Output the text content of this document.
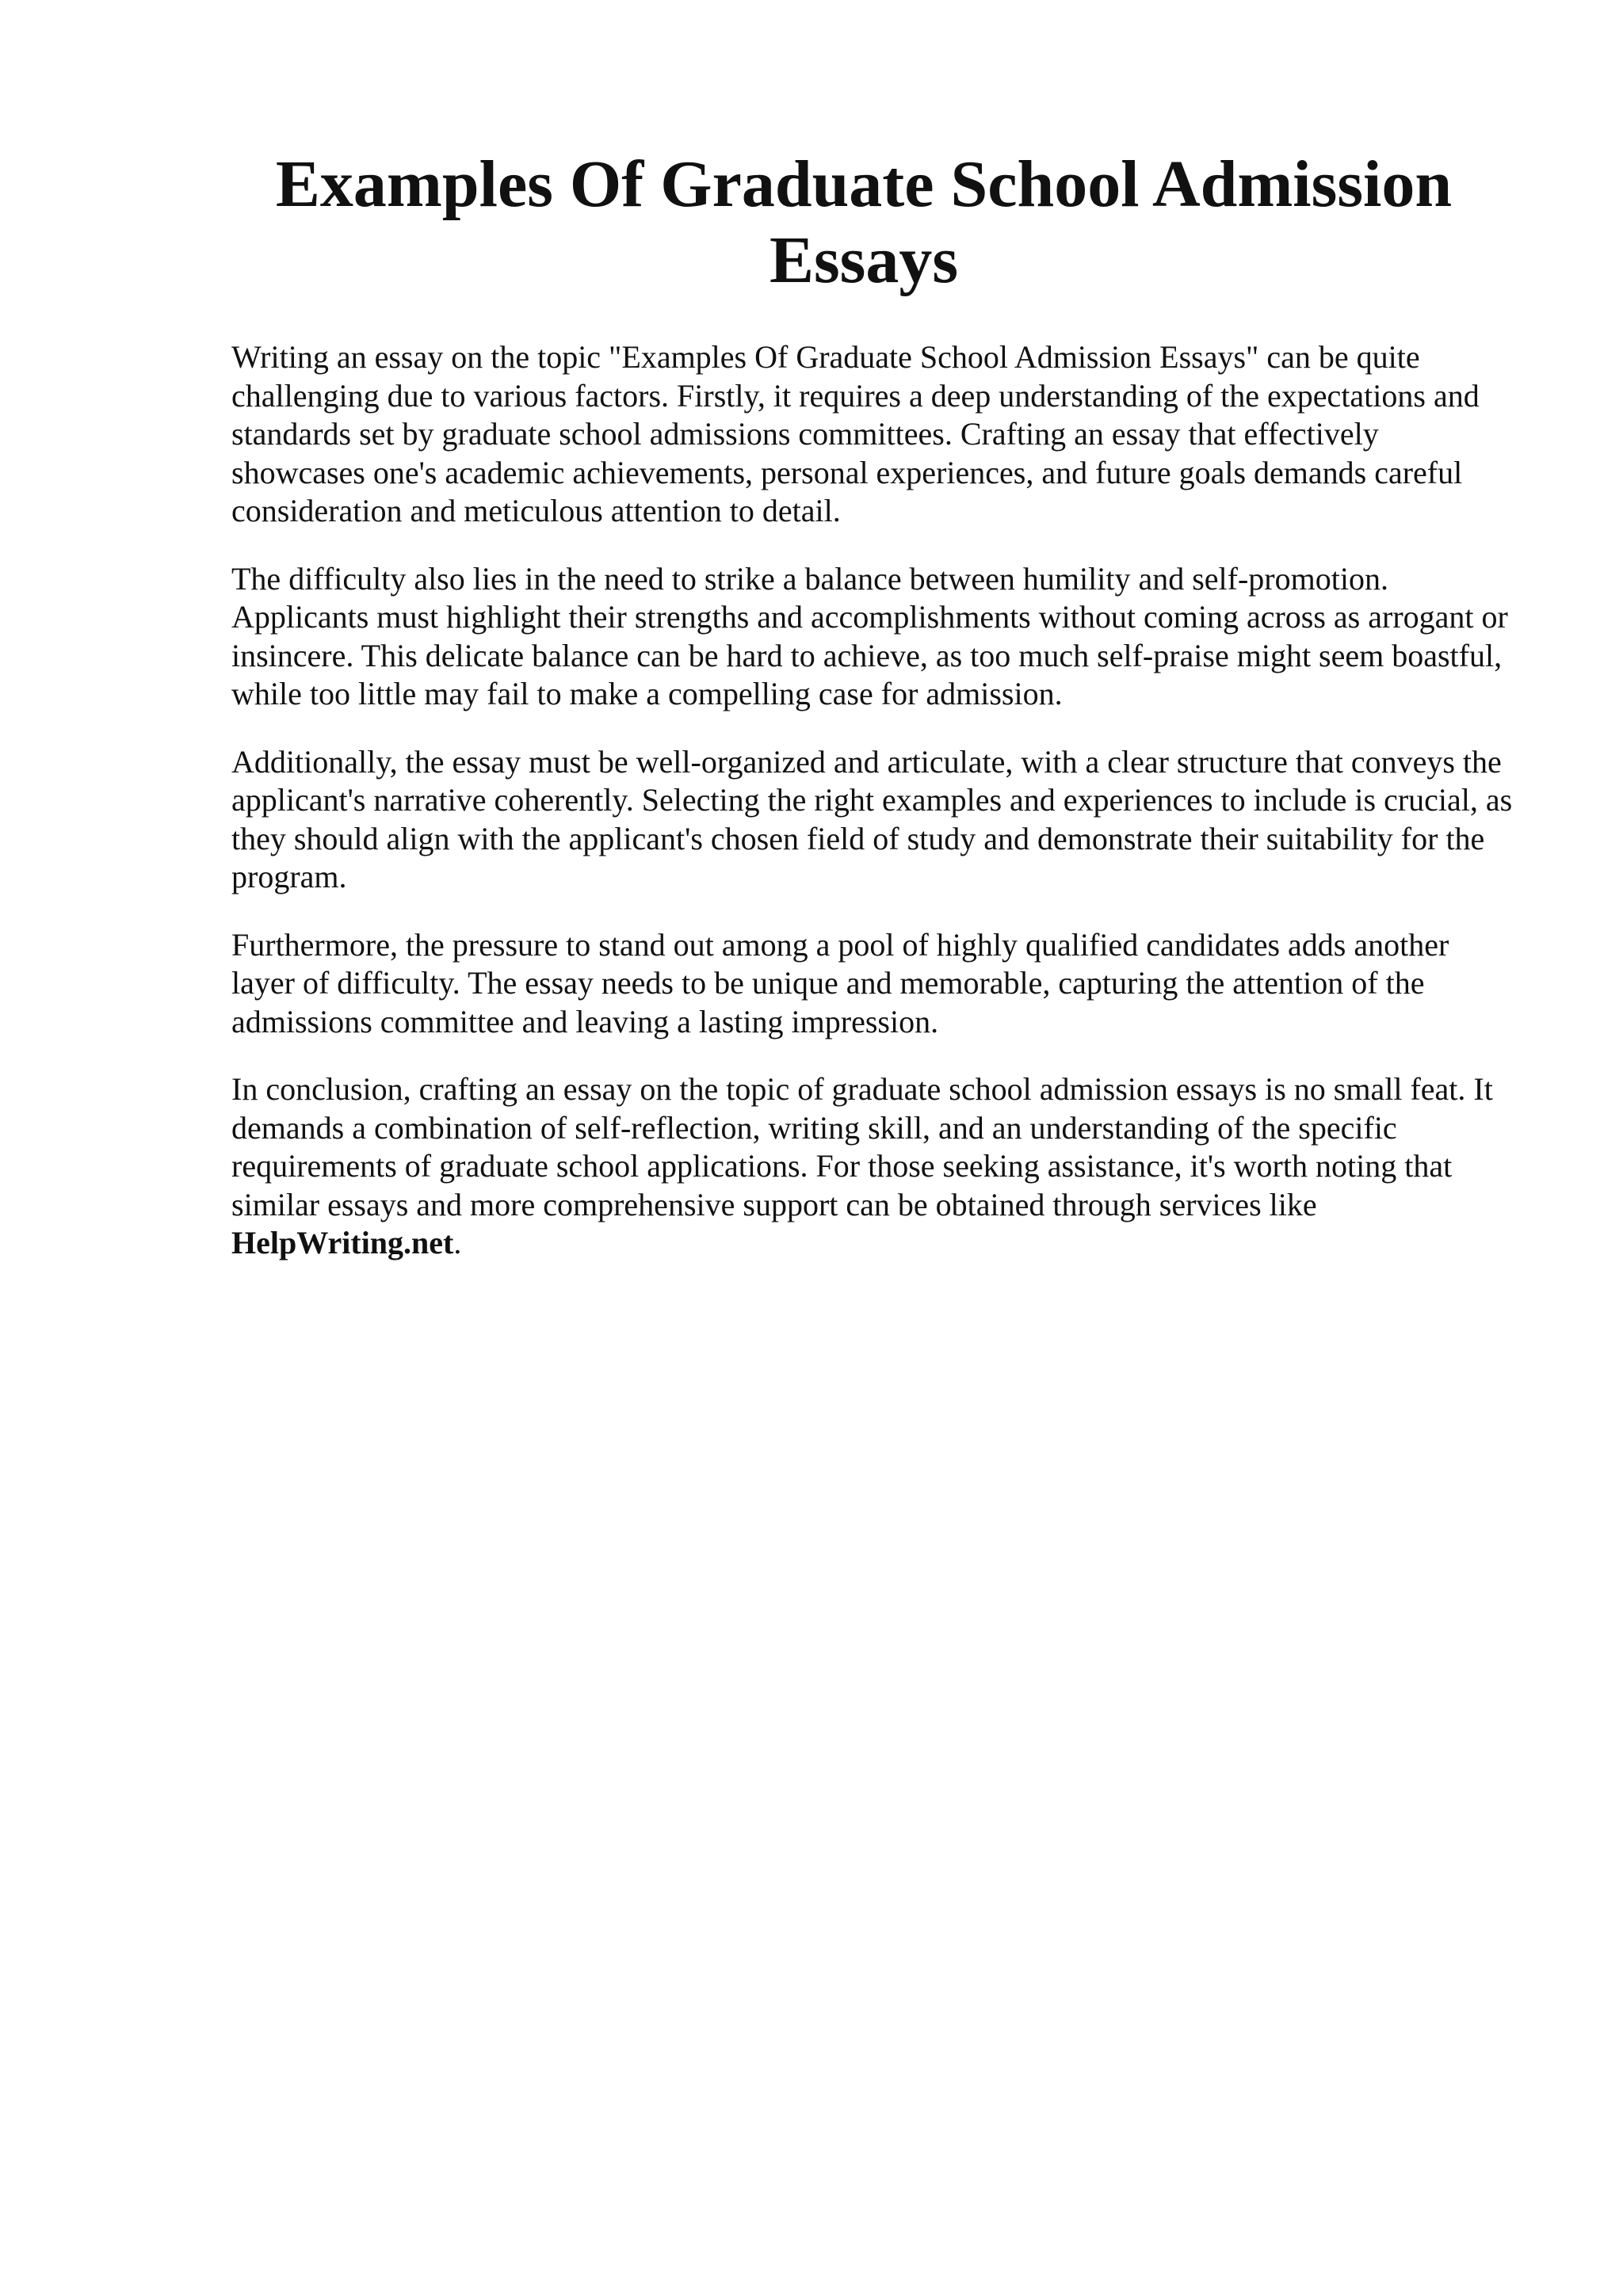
Examples Of Graduate School Admission Essays

Writing an essay on the topic "Examples Of Graduate School Admission Essays" can be quite challenging due to various factors. Firstly, it requires a deep understanding of the expectations and standards set by graduate school admissions committees. Crafting an essay that effectively showcases one's academic achievements, personal experiences, and future goals demands careful consideration and meticulous attention to detail.

The difficulty also lies in the need to strike a balance between humility and self-promotion. Applicants must highlight their strengths and accomplishments without coming across as arrogant or insincere. This delicate balance can be hard to achieve, as too much self-praise might seem boastful, while too little may fail to make a compelling case for admission.

Additionally, the essay must be well-organized and articulate, with a clear structure that conveys the applicant's narrative coherently. Selecting the right examples and experiences to include is crucial, as they should align with the applicant's chosen field of study and demonstrate their suitability for the program.

Furthermore, the pressure to stand out among a pool of highly qualified candidates adds another layer of difficulty. The essay needs to be unique and memorable, capturing the attention of the admissions committee and leaving a lasting impression.

In conclusion, crafting an essay on the topic of graduate school admission essays is no small feat. It demands a combination of self-reflection, writing skill, and an understanding of the specific requirements of graduate school applications. For those seeking assistance, it's worth noting that similar essays and more comprehensive support can be obtained through services like
HelpWriting.net.
